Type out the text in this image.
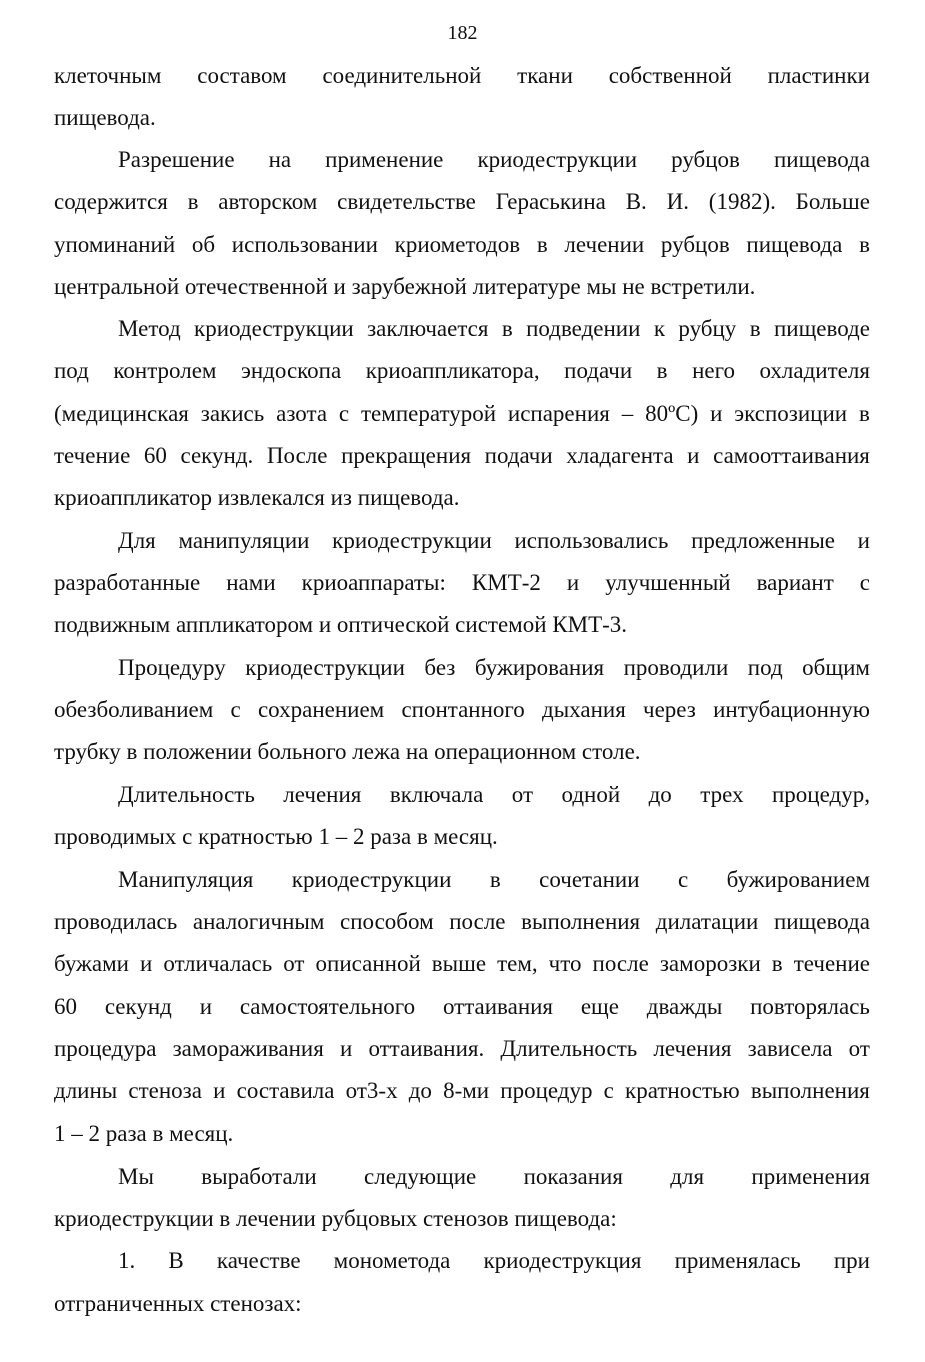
182
клеточным составом соединительной ткани собственной пластинки
пищевода.
Разрешение на применение криодеструкции рубцов пищевода
содержится в авторском свидетельстве Гераськина В. И. (1982). Больше
упоминаний об использовании криометодов в лечении рубцов пищевода в
центральной отечественной и зарубежной литературе мы не встретили.
Метод криодеструкции заключается в подведении к рубцу в пищеводе
под контролем эндоскопа криоаппликатора, подачи в него охладителя
(медицинская закись азота с температурой испарения – 80ºС) и экспозиции в
течение 60 секунд. После прекращения подачи хладагента и самооттаивания
криоаппликатор извлекался из пищевода.
Для манипуляции криодеструкции использовались предложенные и
разработанные нами криоаппараты: КМТ-2 и улучшенный вариант с
подвижным аппликатором и оптической системой КМТ-3.
Процедуру криодеструкции без бужирования проводили под общим
обезболиванием с сохранением спонтанного дыхания через интубационную
трубку в положении больного лежа на операционном столе.
Длительность лечения включала от одной до трех процедур,
проводимых с кратностью 1 – 2 раза в месяц.
Манипуляция криодеструкции в сочетании с бужированием
проводилась аналогичным способом после выполнения дилатации пищевода
бужами и отличалась от описанной выше тем, что после заморозки в течение
60 секунд и самостоятельного оттаивания еще дважды повторялась
процедура замораживания и оттаивания. Длительность лечения зависела от
длины стеноза и составила от3-х до 8-ми процедур с кратностью выполнения
1 – 2 раза в месяц.
Мы выработали следующие показания для применения
криодеструкции в лечении рубцовых стенозов пищевода:
1. В качестве монометода криодеструкция применялась при
отграниченных стенозах:
